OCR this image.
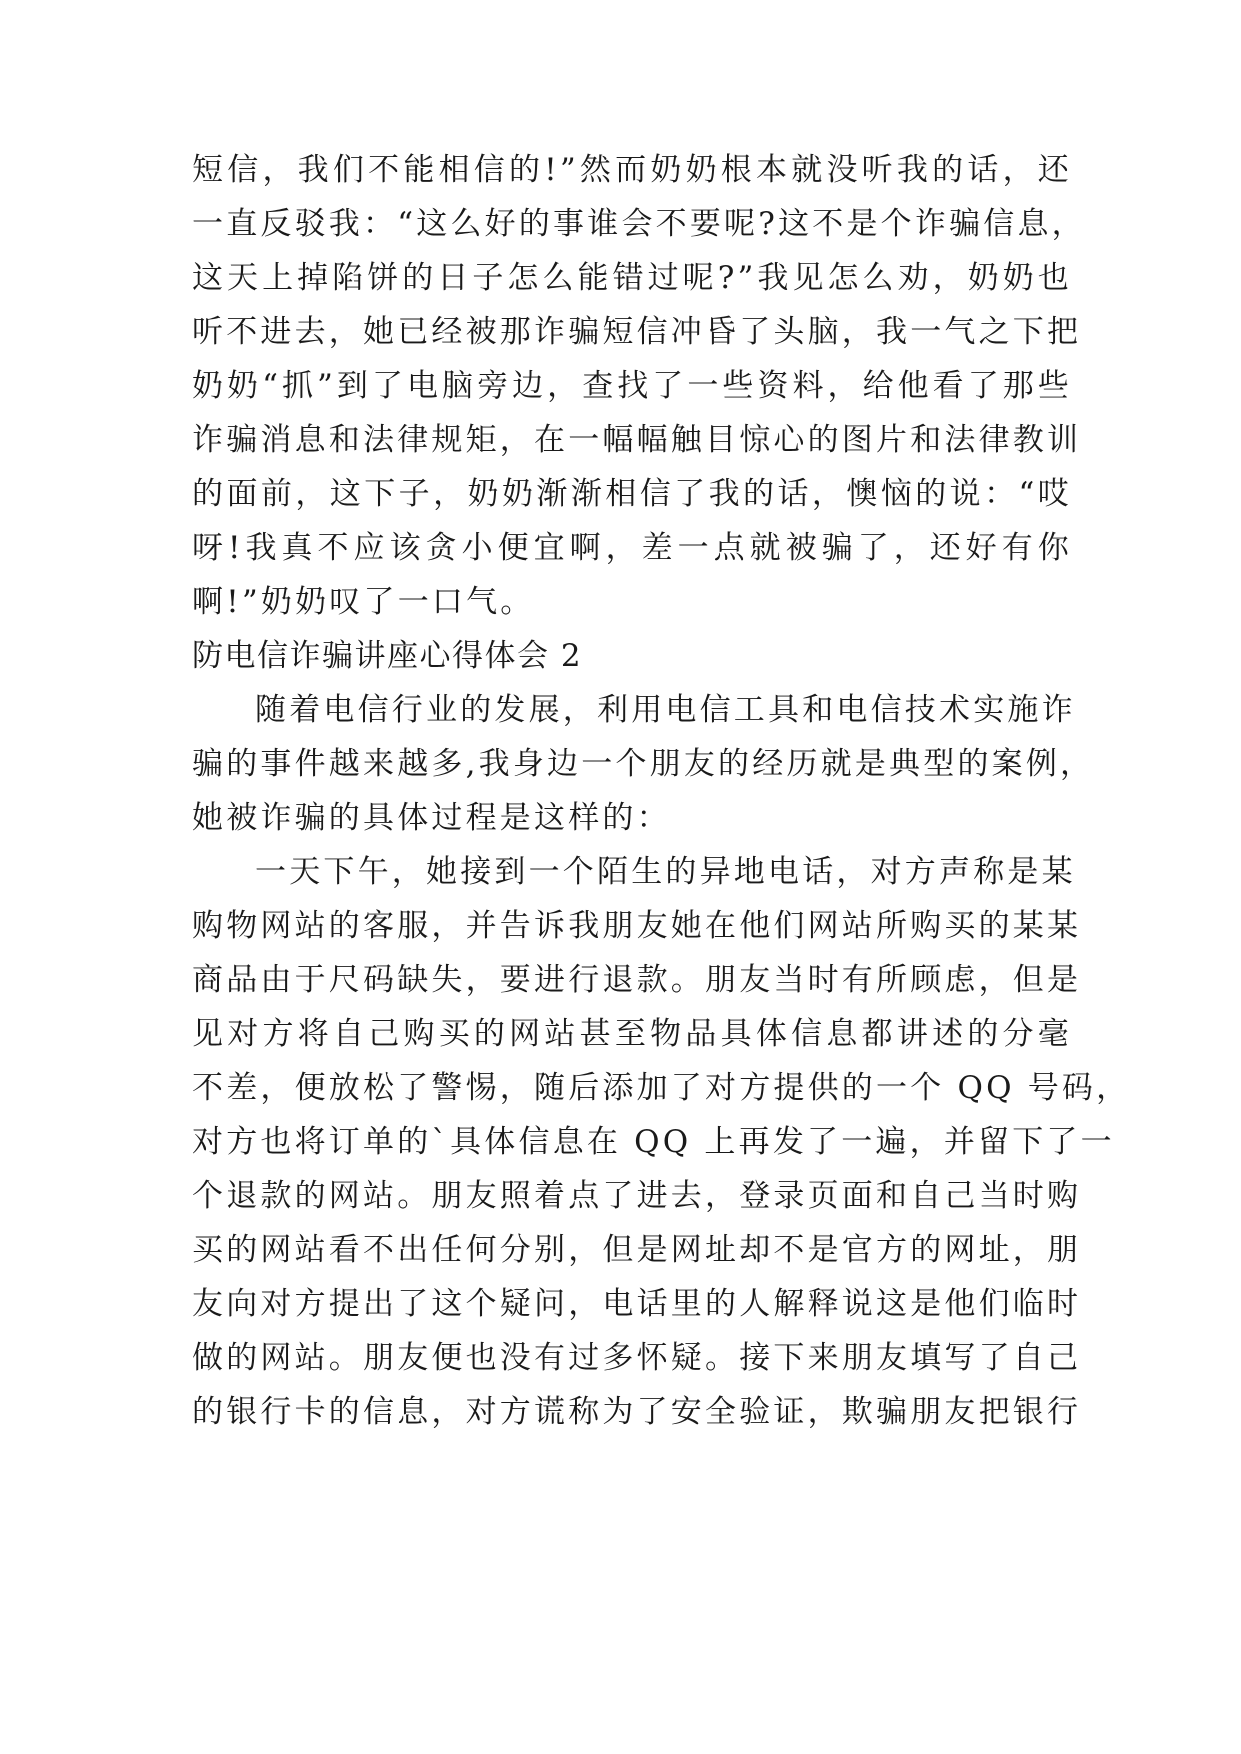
短信，我们不能相信的!”然而奶奶根本就没听我的话，还
一直反驳我：“这么好的事谁会不要呢?这不是个诈骗信息，
这天上掉陷饼的日子怎么能错过呢?”我见怎么劝，奶奶也
听不进去，她已经被那诈骗短信冲昏了头脑，我一气之下把
奶奶“抓”到了电脑旁边，查找了一些资料，给他看了那些
诈骗消息和法律规矩，在一幅幅触目惊心的图片和法律教训
的面前，这下子，奶奶渐渐相信了我的话，懊恼的说：“哎
呀!我真不应该贪小便宜啊，差一点就被骗了，还好有你
啊!”奶奶叹了一口气。
防电信诈骗讲座心得体会 2
随着电信行业的发展，利用电信工具和电信技术实施诈
骗的事件越来越多,我身边一个朋友的经历就是典型的案例，
她被诈骗的具体过程是这样的：
一天下午，她接到一个陌生的异地电话，对方声称是某
购物网站的客服，并告诉我朋友她在他们网站所购买的某某
商品由于尺码缺失，要进行退款。朋友当时有所顾虑，但是
见对方将自己购买的网站甚至物品具体信息都讲述的分毫
不差，便放松了警惕，随后添加了对方提供的一个 QQ 号码，
对方也将订单的`具体信息在 QQ 上再发了一遍，并留下了一
个退款的网站。朋友照着点了进去，登录页面和自己当时购
买的网站看不出任何分别，但是网址却不是官方的网址，朋
友向对方提出了这个疑问，电话里的人解释说这是他们临时
做的网站。朋友便也没有过多怀疑。接下来朋友填写了自己
的银行卡的信息，对方谎称为了安全验证，欺骗朋友把银行
